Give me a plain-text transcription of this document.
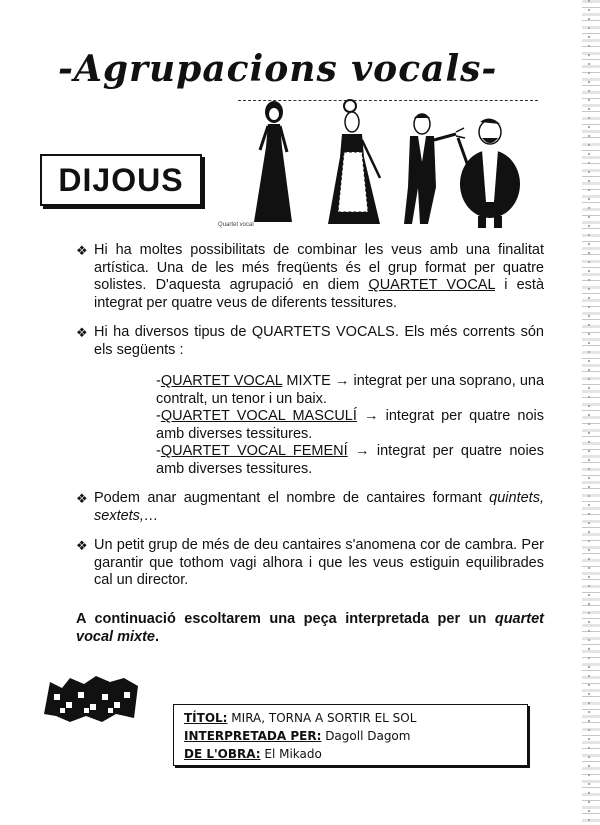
-Agrupacions vocals-
DIJOUS
Quartet vocal
❖ Hi ha moltes possibilitats de combinar les veus amb una finalitat artística. Una de les més freqüents és el grup format per quatre solistes. D'aquesta agrupació en diem QUARTET VOCAL i està integrat per quatre veus de diferents tessitures.
❖ Hi ha diversos tipus de QUARTETS VOCALS. Els més corrents són els següents :

-QUARTET VOCAL MIXTE → integrat per una soprano, una contralt, un tenor i un baix.

-QUARTET VOCAL MASCULÍ → integrat per quatre nois amb diverses tessitures.

-QUARTET VOCAL FEMENÍ → integrat per quatre noies amb diverses tessitures.

❖ Podem anar augmentant el nombre de cantaires formant quintets, sextets,…
❖ Un petit grup de més de deu cantaires s'anomena cor de cambra. Per garantir que tothom vagi alhora i que les veus estiguin equilibrades cal un director.
A continuació escoltarem una peça interpretada per un quartet vocal mixte.
TÍTOL: MIRA, TORNA A SORTIR EL SOL
INTERPRETADA PER: Dagoll Dagom
DE L'OBRA: El Mikado
